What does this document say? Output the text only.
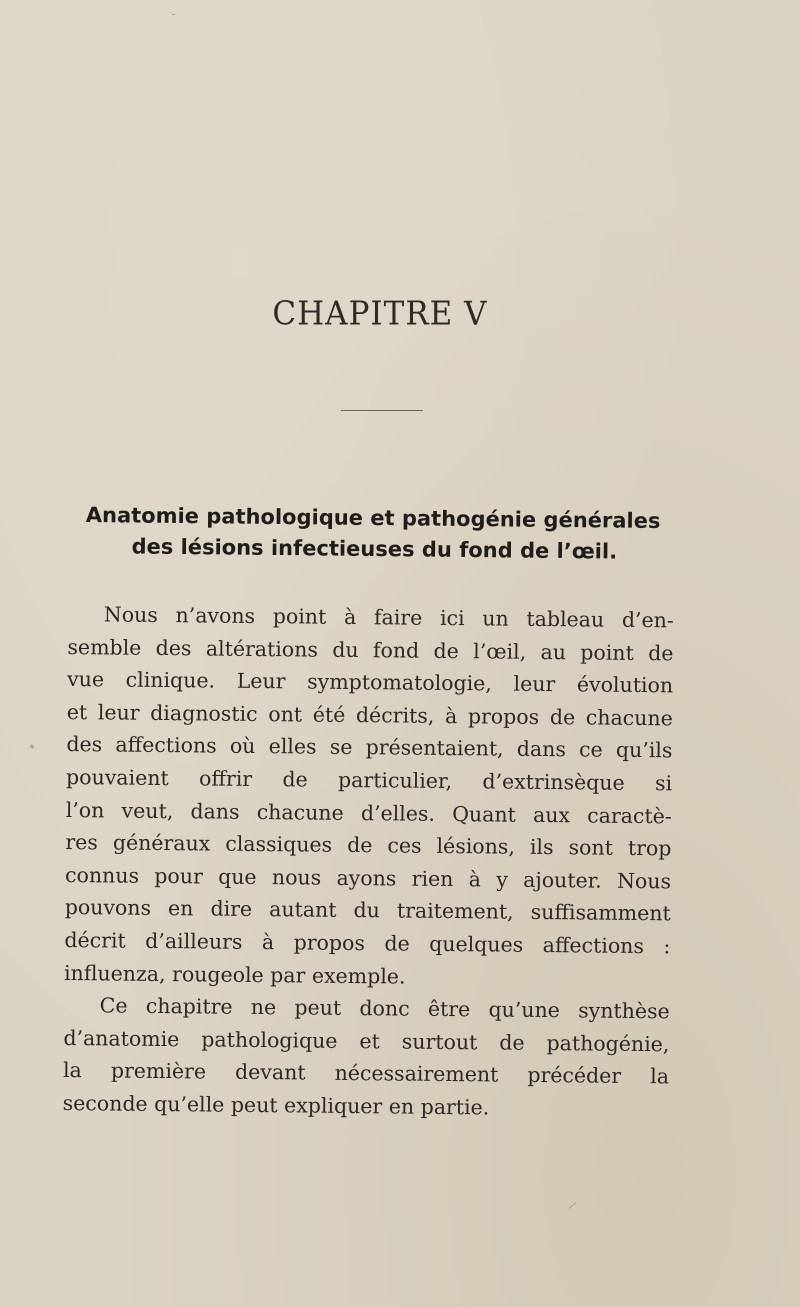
CHAPITRE V
Anatomie pathologique et pathogénie générales
des lésions infectieuses du fond de l’œil.
Nous n’avons point à faire ici un tableau d’en-
semble des altérations du fond de l’œil, au point de
vue clinique. Leur symptomatologie, leur évolution
et leur diagnostic ont été décrits, à propos de chacune
des affections où elles se présentaient, dans ce qu’ils
pouvaient offrir de particulier, d’extrinsèque si
l’on veut, dans chacune d’elles. Quant aux caractè-
res généraux classiques de ces lésions, ils sont trop
connus pour que nous ayons rien à y ajouter. Nous
pouvons en dire autant du traitement, suffisamment
décrit d’ailleurs à propos de quelques affections :
influenza, rougeole par exemple.
Ce chapitre ne peut donc être qu’une synthèse
d’anatomie pathologique et surtout de pathogénie,
la première devant nécessairement précéder la
seconde qu’elle peut expliquer en partie.
